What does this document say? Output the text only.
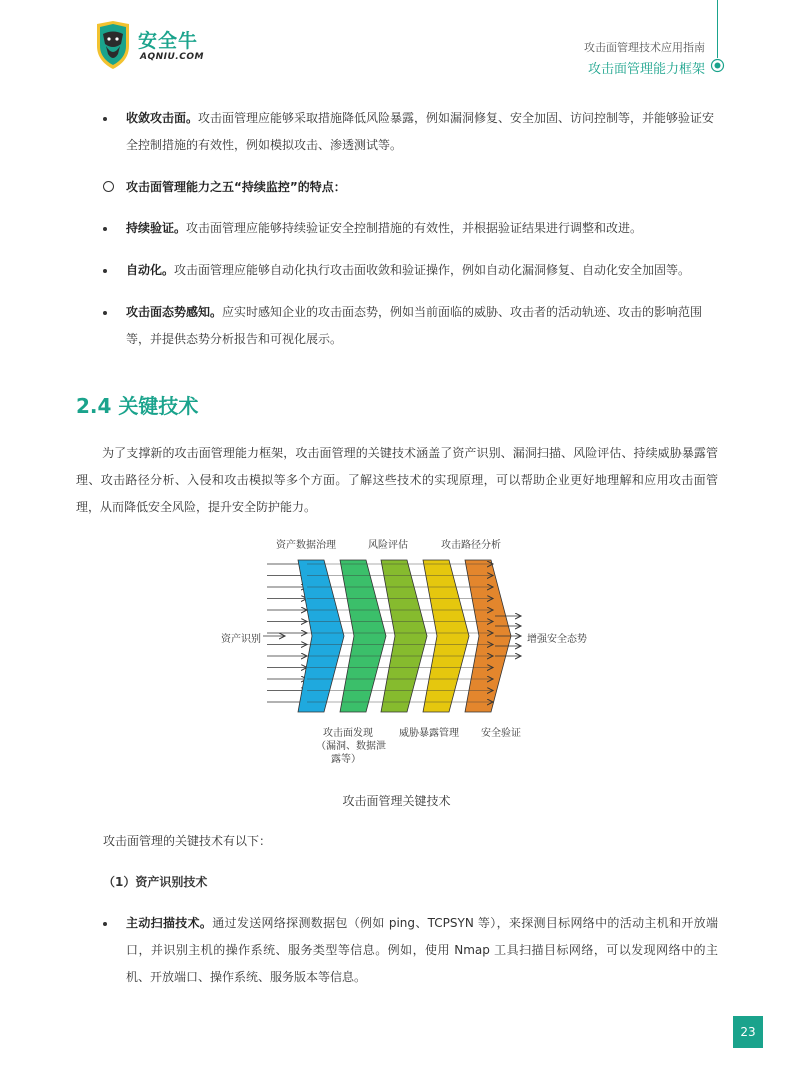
安全牛
AQNIU.COM
攻击面管理技术应用指南
攻击面管理能力框架
收敛攻击面。攻击面管理应能够采取措施降低风险暴露，例如漏洞修复、安全加固、访问控制等，并能够验证安全控制措施的有效性，例如模拟攻击、渗透测试等。
攻击面管理能力之五“持续监控”的特点：
持续验证。攻击面管理应能够持续验证安全控制措施的有效性，并根据验证结果进行调整和改进。
自动化。攻击面管理应能够自动化执行攻击面收敛和验证操作，例如自动化漏洞修复、自动化安全加固等。
攻击面态势感知。应实时感知企业的攻击面态势，例如当前面临的威胁、攻击者的活动轨迹、攻击的影响范围等，并提供态势分析报告和可视化展示。
2.4 关键技术
为了支撑新的攻击面管理能力框架，攻击面管理的关键技术涵盖了资产识别、漏洞扫描、风险评估、持续威胁暴露管理、攻击路径分析、入侵和攻击模拟等多个方面。了解这些技术的实现原理，可以帮助企业更好地理解和应用攻击面管理，从而降低安全风险，提升安全防护能力。
资产数据治理	风险评估	攻击路径分析
资产识别	增强安全态势
攻击面发现
（漏洞、数据泄
露等）
威胁暴露管理 安全验证
攻击面管理关键技术
攻击面管理的关键技术有以下：
（1）资产识别技术
主动扫描技术。通过发送网络探测数据包（例如 ping、TCPSYN 等），来探测目标网络中的活动主机和开放端口，并识别主机的操作系统、服务类型等信息。例如，使用 Nmap 工具扫描目标网络，可以发现网络中的主机、开放端口、操作系统、服务版本等信息。
23
